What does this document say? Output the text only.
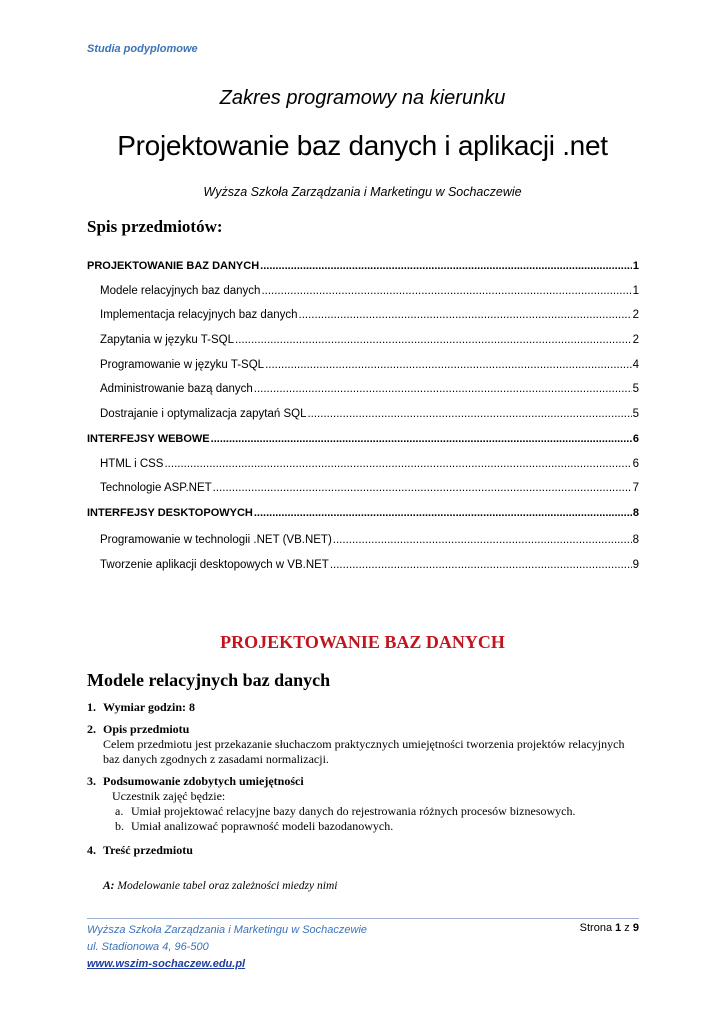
Studia podyplomowe
Zakres programowy na kierunku
Projektowanie baz danych i aplikacji .net
Wyższa Szkoła Zarządzania i Marketingu w Sochaczewie
Spis przedmiotów:
PROJEKTOWANIE BAZ DANYCH .....	1
Modele relacyjnych baz danych .....	1
Implementacja relacyjnych baz danych .....	2
Zapytania w języku T-SQL .....	2
Programowanie w języku T-SQL .....	4
Administrowanie bazą danych .....	5
Dostrajanie i optymalizacja zapytań SQL .....	5
INTERFEJSY WEBOWE .....	6
HTML i CSS .....	6
Technologie ASP.NET .....	7
INTERFEJSY DESKTOPOWYCH .....	8
Programowanie w technologii .NET (VB.NET) .....	8
Tworzenie aplikacji desktopowych w VB.NET .....	9
PROJEKTOWANIE BAZ DANYCH
Modele relacyjnych baz danych
1. Wymiar godzin: 8
2. Opis przedmiotu
Celem przedmiotu jest przekazanie słuchaczom praktycznych umiejętności tworzenia projektów relacyjnych baz danych zgodnych z zasadami normalizacji.
3. Podsumowanie zdobytych umiejętności
Uczestnik zajęć będzie:
a. Umiał projektować relacyjne bazy danych do rejestrowania różnych procesów biznesowych.
b. Umiał analizować poprawność modeli bazodanowych.
4. Treść przedmiotu
A: Modelowanie tabel oraz zależności miedzy nimi
Wyższa Szkoła Zarządzania i Marketingu w Sochaczewie
ul. Stadionowa 4, 96-500
www.wszim-sochaczew.edu.pl
Strona 1 z 9
